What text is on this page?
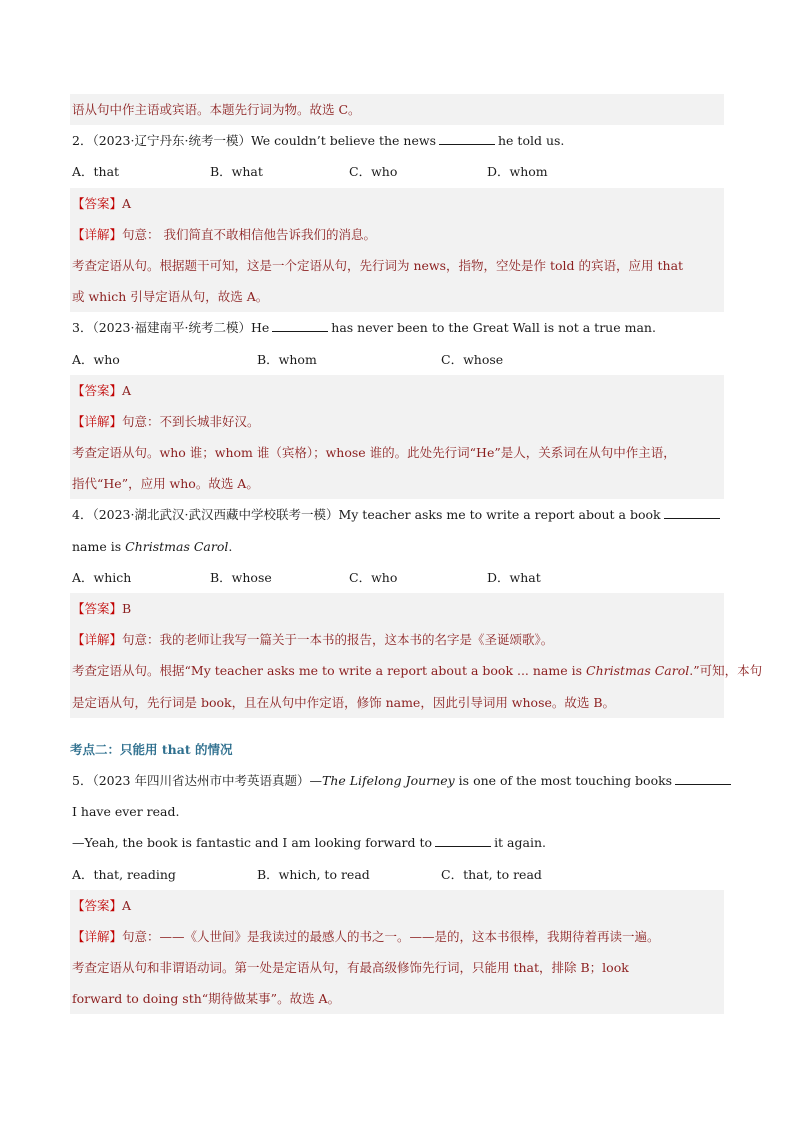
语从句中作主语或宾语。本题先行词为物。故选 C。
2．（2023·辽宁丹东·统考一模）We couldn’t believe the news	he told us.
A．that	B．what	C．who	D．whom
【答案】A
【详解】句意： 我们简直不敢相信他告诉我们的消息。
考查定语从句。根据题干可知，这是一个定语从句，先行词为 news，指物，空处是作 told 的宾语，应用 that
或 which 引导定语从句，故选 A。
3．（2023·福建南平·统考二模）He	has never been to the Great Wall is not a true man.
A．who	B．whom	C．whose
【答案】A
【详解】句意：不到长城非好汉。
考查定语从句。who 谁；whom 谁（宾格）；whose 谁的。此处先行词“He”是人，关系词在从句中作主语，
指代“He”，应用 who。故选 A。
4．（2023·湖北武汉·武汉西藏中学校联考一模）My teacher asks me to write a report about a book
name is Christmas Carol.
A．which	B．whose	C．who	D．what
【答案】B
【详解】句意：我的老师让我写一篇关于一本书的报告，这本书的名字是《圣诞颂歌》。
考查定语从句。根据“My teacher asks me to write a report about a book ... name is Christmas Carol.”可知，本句
是定语从句，先行词是 book，且在从句中作定语，修饰 name，因此引导词用 whose。故选 B。
考点二：只能用 that 的情况
5．（2023 年四川省达州市中考英语真题）—The Lifelong Journey is one of the most touching books
I have ever read.
—Yeah, the book is fantastic and I am looking forward to	it again.
A．that, reading	B．which, to read	C．that, to read
【答案】A
【详解】句意：——《人世间》是我读过的最感人的书之一。——是的，这本书很棒，我期待着再读一遍。
考查定语从句和非谓语动词。第一处是定语从句，有最高级修饰先行词，只能用 that，排除 B；look
forward to doing sth“期待做某事”。故选 A。
